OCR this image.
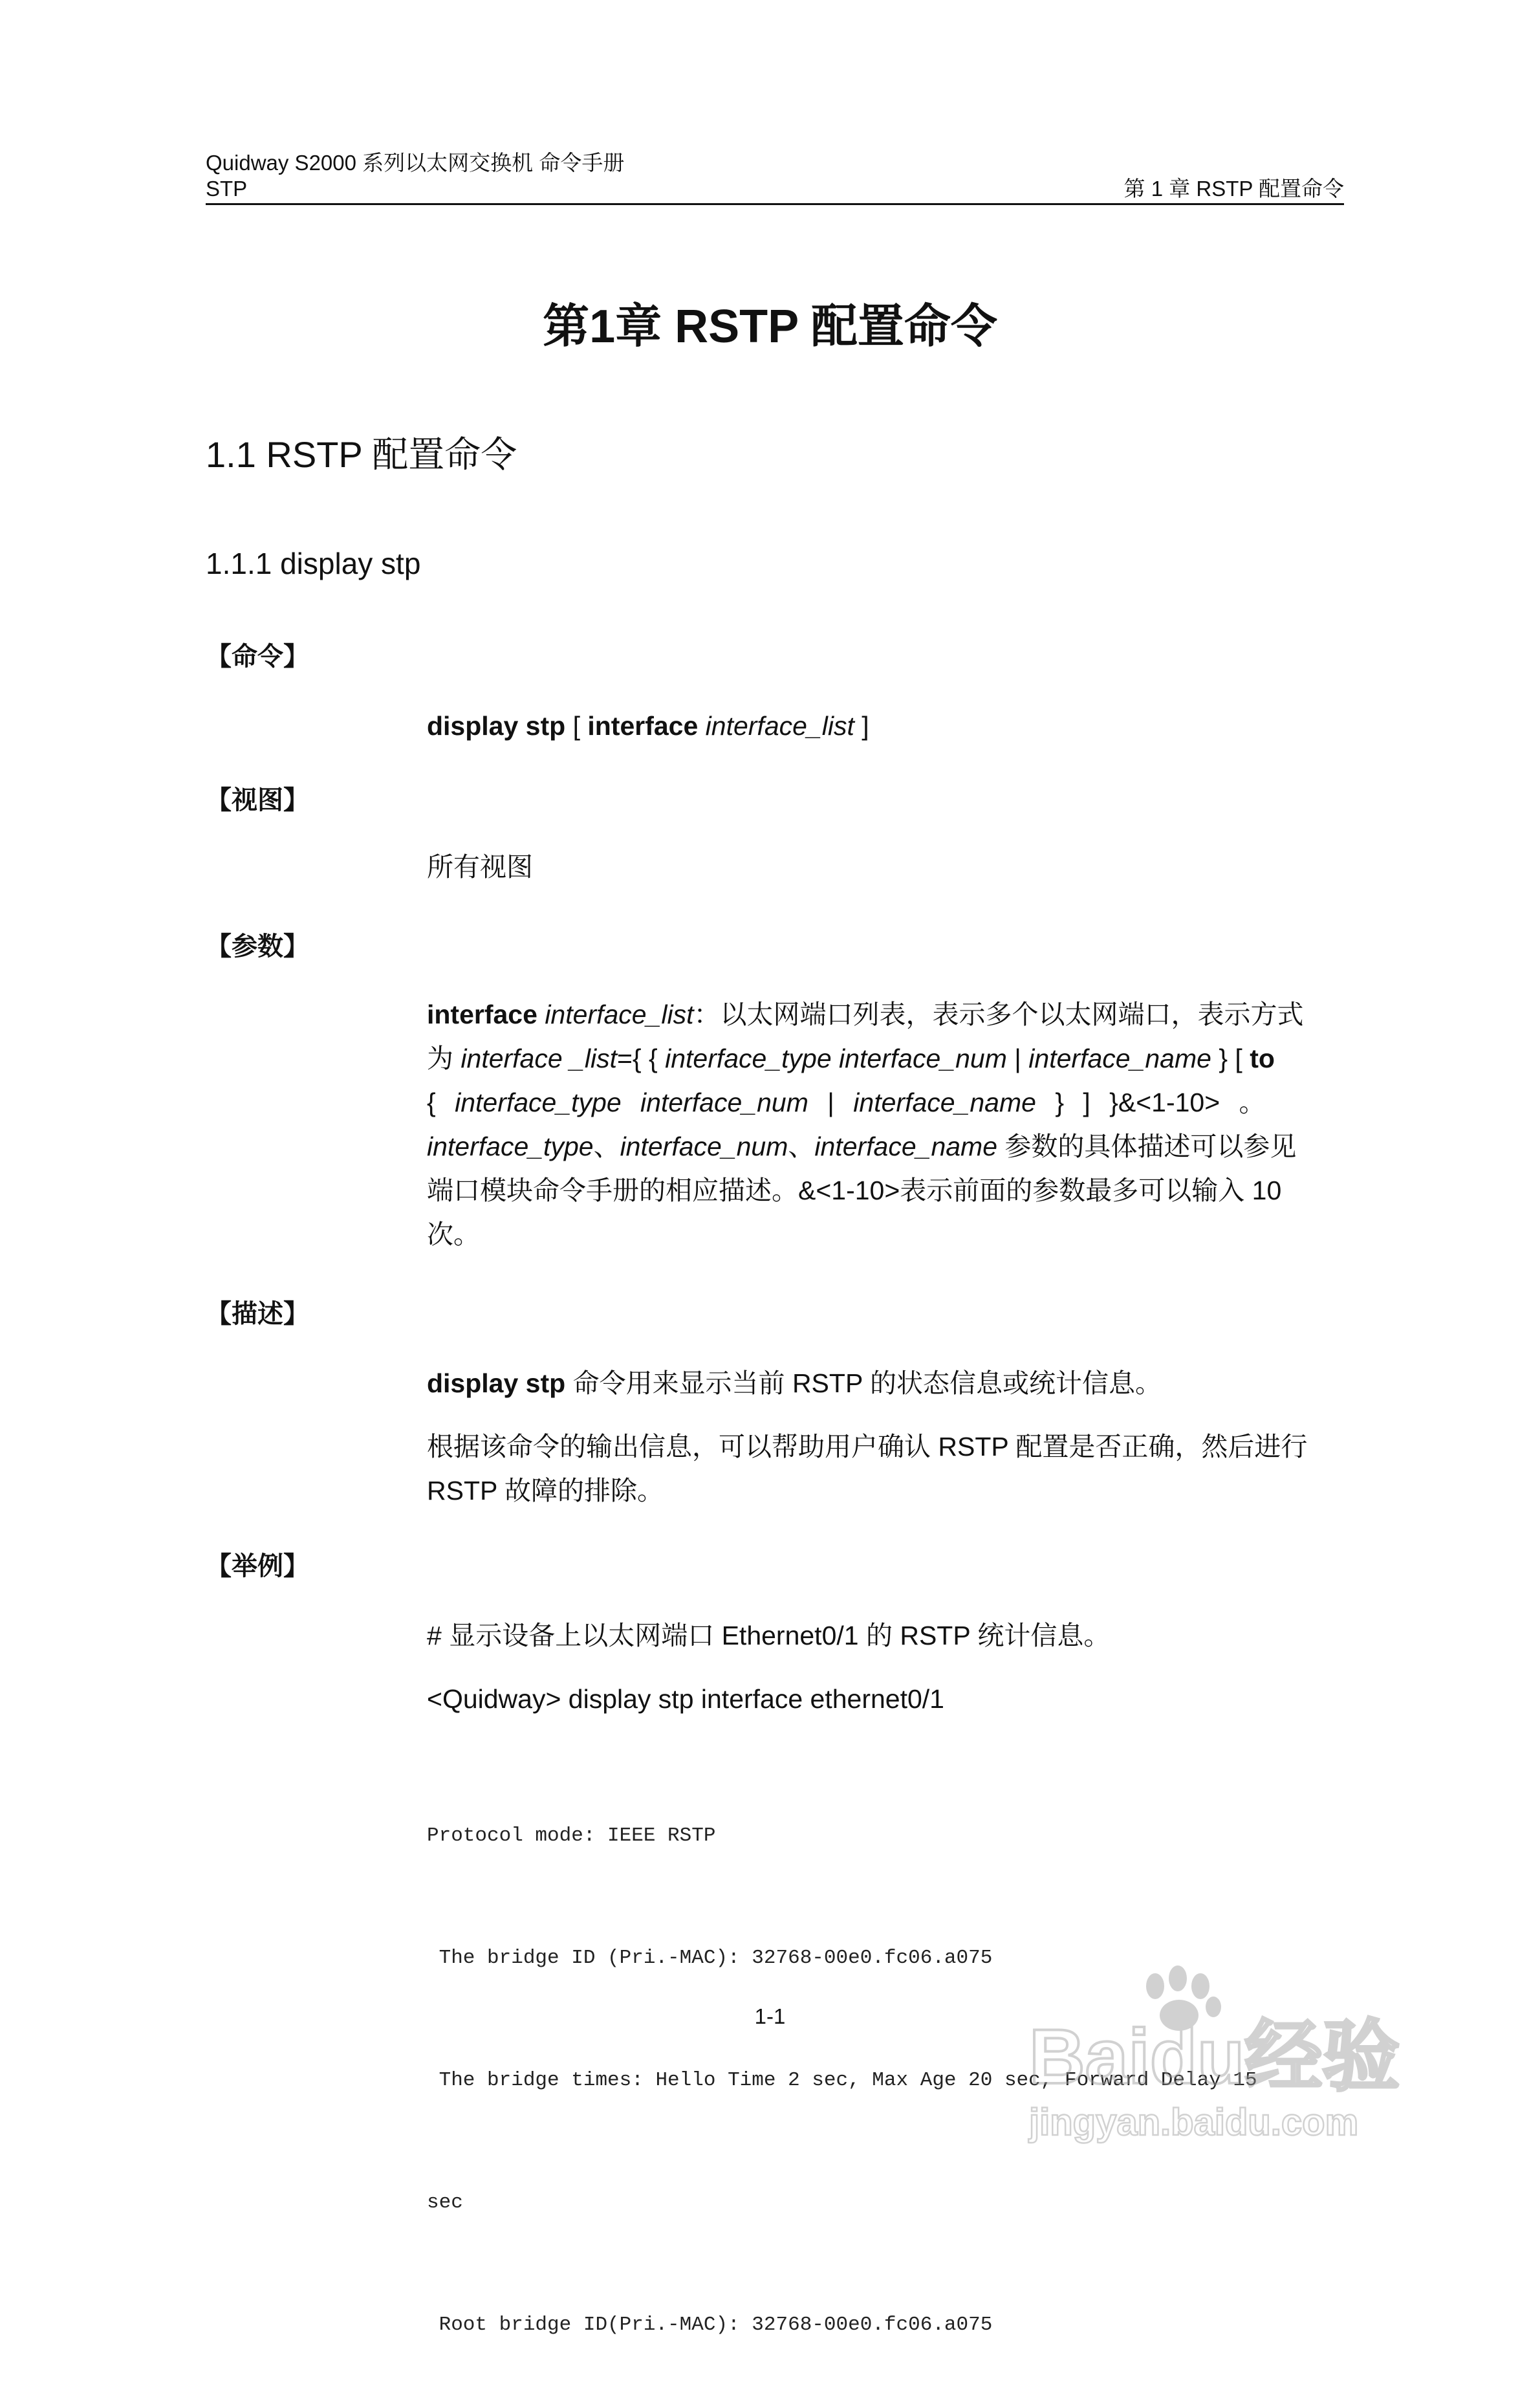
Quidway S2000 系列以太网交换机 命令手册
STP	第 1 章 RSTP 配置命令
第1章 RSTP 配置命令
1.1 RSTP 配置命令
1.1.1 display stp
【命令】
display stp [ interface interface_list ]
【视图】
所有视图
【参数】
interface interface_list：以太网端口列表，表示多个以太网端口，表示方式
为 interface _list={ { interface_type interface_num | interface_name } [ to
{ interface_type interface_num | interface_name } ] }&<1-10> 。
interface_type、interface_num、interface_name 参数的具体描述可以参见
端口模块命令手册的相应描述。&<1-10>表示前面的参数最多可以输入 10
次。
【描述】
display stp 命令用来显示当前 RSTP 的状态信息或统计信息。
根据该命令的输出信息，可以帮助用户确认 RSTP 配置是否正确，然后进行
RSTP 故障的排除。
【举例】
# 显示设备上以太网端口 Ethernet0/1 的 RSTP 统计信息。
<Quidway> display stp interface ethernet0/1

Protocol mode: IEEE RSTP

The bridge ID (Pri.-MAC): 32768-00e0.fc06.a075

The bridge times: Hello Time 2 sec, Max Age 20 sec, Forward Delay 15

sec

Root bridge ID(Pri.-MAC): 32768-00e0.fc06.a075

1-1	Baidu经验
jingyan.baidu.com
